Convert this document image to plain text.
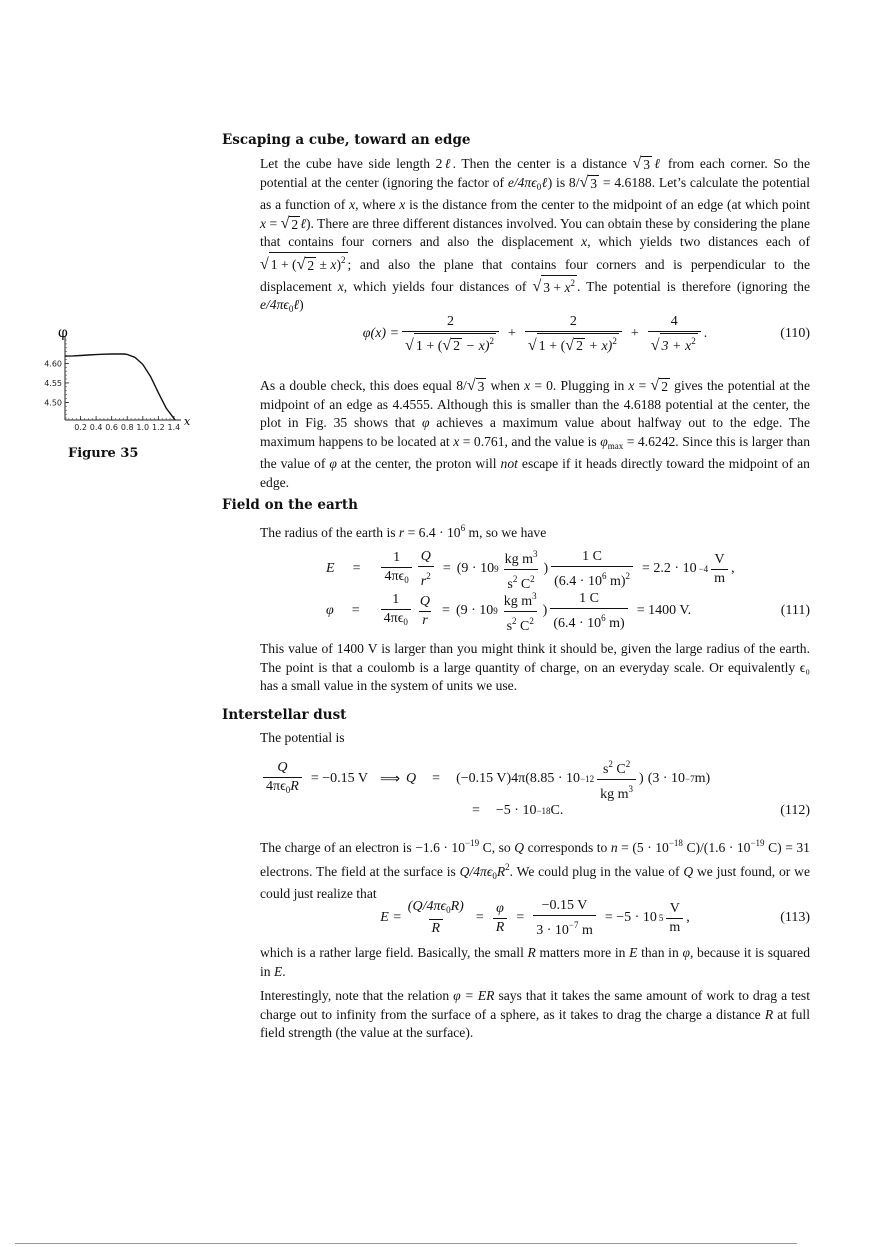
Escaping a cube, toward an edge

Let the cube have side length 2ℓ. Then the center is a distance √ 3 ℓ from each corner. So the potential at the center (ignoring the factor of $e/4\pi\epsilon_0\ell$) is 8/ √ 3 = 4.6188. Let’s calculate the potential as a function of x, where x is the distance from the center to the midpoint of an edge (at which point x = √ 2 ℓ). There are three different distances involved. You can obtain these by considering the plane that contains four corners and also the displacement x, which yields two distances each of
√ 1 + ( √ 2 ± x)$^2$ ; and also the plane that contains four corners and is perpendicular to the displacement x, which yields four distances of √ $3 + x^2$ . The potential is therefore (ignoring the $e/4\pi\epsilon_0\ell$)

$\varphi(x) = \frac{2}{√ 1 + ( √ 2 - x)^2} + \frac{2}{√ 1 + ( √ 2 + x)^2} + \frac{4}{√ 3 + x^2}$ .	(110)

As a double check, this does equal 8/ √ 3 when x = 0. Plugging in x = √ 2 gives the potential at the midpoint of an edge as 4.4555. Although this is smaller than the 4.6188 potential at the center, the plot in Fig. 35 shows that φ achieves a maximum value about halfway out to the edge. The maximum happens to be located at x = 0.761, and the value is $\varphi_{max} = 4.6242$. Since this is larger than the value of φ at the center, the proton will not escape if it heads directly toward the midpoint of an edge.

φ
x
0.2 0.4 0.6 0.8 1.0 1.2 1.4
4.50
4.55
4.60

Figure 35

Field on the earth

The radius of the earth is $r = 6.4 \cdot 10^6$ m, so we have

$E = \frac{1}{4\pi\epsilon_0} \frac{Q}{r^2} = (9 \cdot 10$ $9 \frac{kg m^3}{s^2 C^2}$ ) $\frac{1 C}{(6.4 \cdot 10^6 m)^2} = 2.2 \cdot 10 -4 \frac{V}{m}$ ,
$\varphi = \frac{1}{4\pi\epsilon_0} \frac{Q}{r} = (9 \cdot 10$ $9 \frac{kg m^3}{s^2 C^2}$ ) $\frac{1 C}{(6.4 \cdot 10^6 m)} = 1400$ V.	(111)

This value of 1400 V is larger than you might think it should be, given the large radius of the earth. The point is that a coulomb is a large quantity of charge, on an everyday scale. Or equivalently ϵ₀ has a small value in the system of units we use.

Interstellar dust

The potential is

$\frac{Q}{4\pi\epsilon_0R} = -0.15$ V ⟹ Q = (−0.15 V)4π ($8.85 \cdot 10 -12 \frac{s^2 C^2}{kg m^3}$ ) (3 · 10 −7 m)
= −5 · 10 −18 C.	(112)

The charge of an electron is $-1.6 \cdot 10^{-19}$ C, so Q corresponds to $n = (5 \cdot 10^{-18}$ $C)/(1.6 \cdot 10^{-19}$ C) = 31 electrons. The field at the surface is $Q/4\pi\epsilon_0R^2$. We could plug in the value of Q we just found, or we could just realize that

$E = \frac{(Q/4\pi\epsilon_0R)}{R} = \frac{\varphi}{R} = \frac{-0.15 V}{3 \cdot 10^{-7} m} = -5 \cdot 10$ $5 \frac{V}{m}$ ,	(113)

which is a rather large field. Basically, the small R matters more in E than in φ, because it is squared in E.

Interestingly, note that the relation φ = ER says that it takes the same amount of work to drag a test charge out to infinity from the surface of a sphere, as it takes to drag the charge a distance R at full field strength (the value at the surface).
